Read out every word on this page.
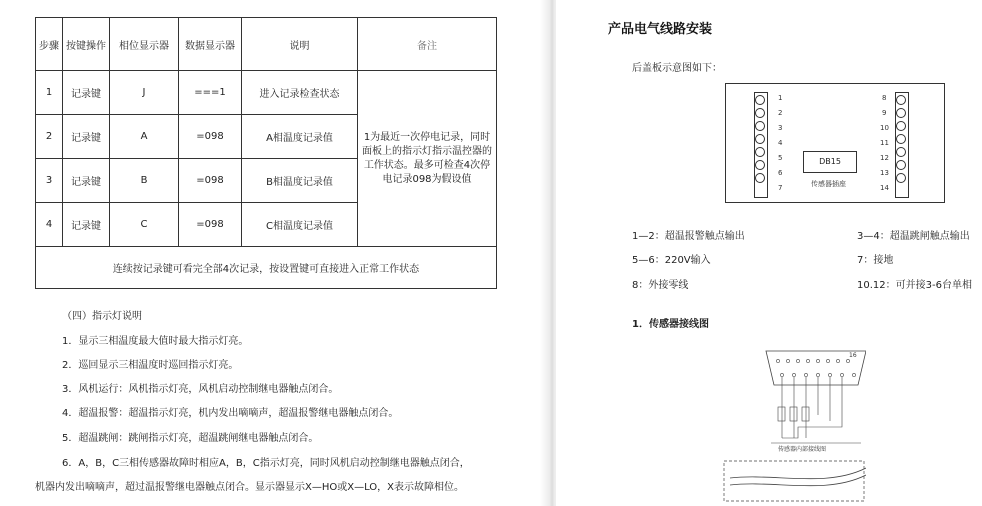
步骤	按键操作	相位显示器	数据显示器	说明	备注
1	记录键	J	===1	进入记录检查状态	1为最近一次停电记录，同时面板上的指示灯指示温控器的工作状态。最多可检查4次停电记录098为假设值
2	记录键	A	=098	A相温度记录值	
3	记录键	B	=098	B相温度记录值	
4	记录键	C	=098	C相温度记录值	
连续按记录键可看完全部4次记录，按设置键可直接进入正常工作状态					
（四）指示灯说明
1．显示三相温度最大值时最大指示灯亮。
2．巡回显示三相温度时巡回指示灯亮。
3．风机运行：风机指示灯亮，风机启动控制继电器触点闭合。
4．超温报警：超温指示灯亮，机内发出嘀嘀声，超温报警继电器触点闭合。
5．超温跳闸：跳闸指示灯亮，超温跳闸继电器触点闭合。
6．A，B，C三相传感器故障时相应A，B，C指示灯亮，同时风机启动控制继电器触点闭合，
机器内发出嘀嘀声，超过温报警继电器触点闭合。显示器显示X—HO或X—LO，X表示故障相位。
产品电气线路安装
后盖板示意图如下：
1
2
3
4
5
6
7
DB15
传感器插座
8
9
10
11
12
13
14
1—2：超温报警触点输出	3—4：超温跳闸触点输出
5—6：220V输入	7：接地
8：外接零线	10.12：可并接3-6台单相
1．传感器接线图
16
传感器内部接线图
